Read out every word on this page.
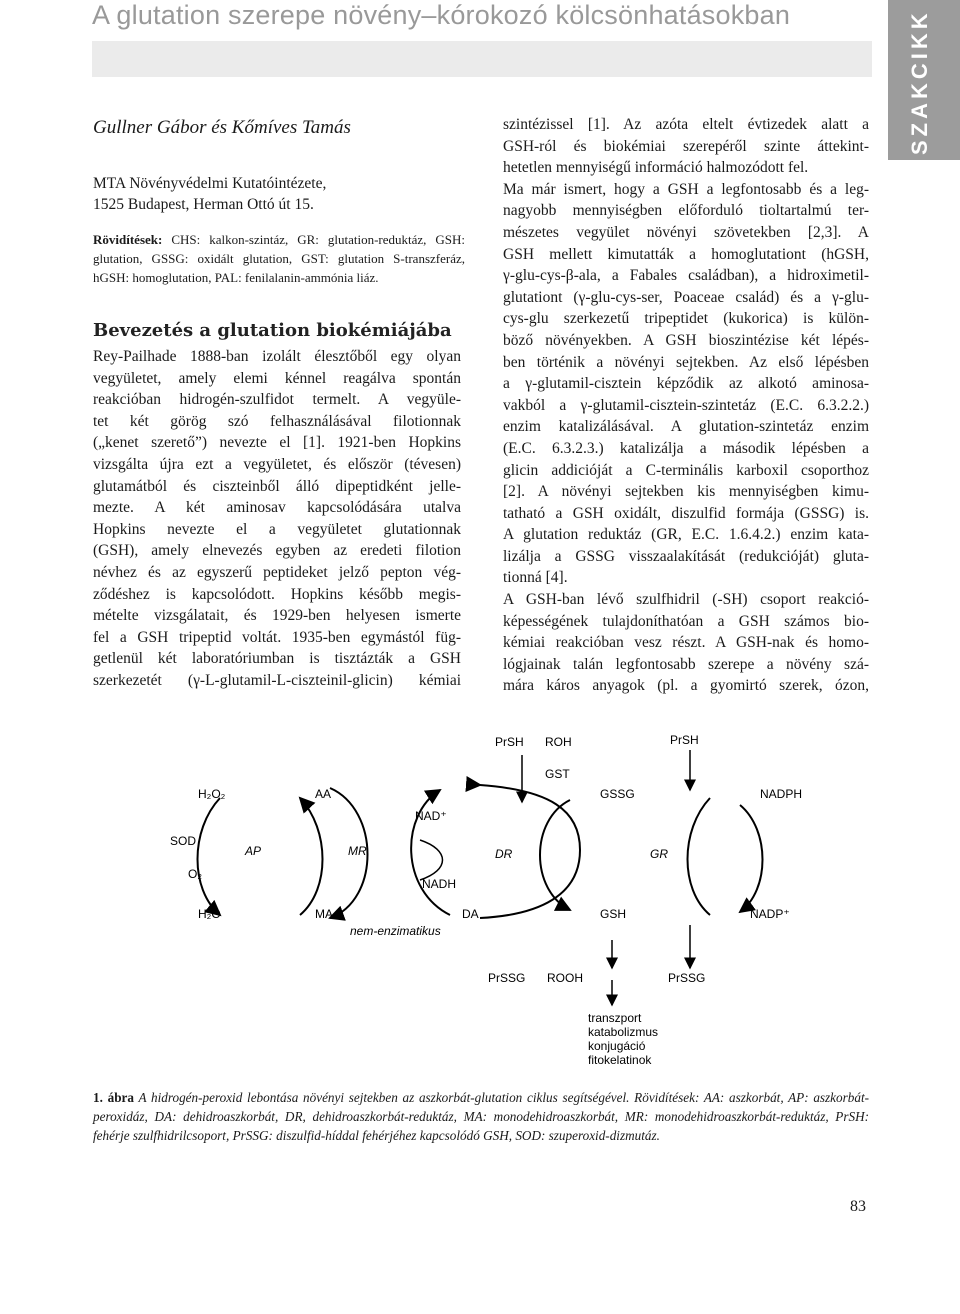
A glutation szerepe növény–kórokozó kölcsönhatásokban	SZAKCIKK
Gullner Gábor és Kőmíves Tamás
MTA Növényvédelmi Kutatóintézete,
1525 Budapest, Herman Ottó út 15.
Rövidítések: CHS: kalkon-szintáz, GR: glutation-reduktáz, GSH: glutation, GSSG: oxidált glutation, GST: glutation S-transzferáz, hGSH: homoglutation, PAL: fenilalanin-ammónia liáz.
Bevezetés a glutation biokémiájába
Rey-Pailhade 1888-ban izolált élesztőből egy olyan
vegyületet, amely elemi kénnel reagálva spontán
reakcióban hidrogén-szulfidot termelt. A vegyüle-
tet két görög szó felhasználásával filotionnak
(„kenet szerető”) nevezte el [1]. 1921-ben Hopkins
vizsgálta újra ezt a vegyületet, és először (tévesen)
glutamátból és ciszteinből álló dipeptidként jelle-
mezte. A két aminosav kapcsolódására utalva
Hopkins nevezte el a vegyületet glutationnak
(GSH), amely elnevezés egyben az eredeti filotion
névhez és az egyszerű peptideket jelző pepton vég-
ződéshez is kapcsolódott. Hopkins később megis-
mételte vizsgálatait, és 1929-ben helyesen ismerte
fel a GSH tripeptid voltát. 1935-ben egymástól füg-
getlenül két laboratóriumban is tisztázták a GSH
szerkezetét (γ-L-glutamil-L-ciszteinil-glicin) kémiai
szintézissel [1]. Az azóta eltelt évtizedek alatt a
GSH-ról és biokémiai szerepéről szinte áttekint-
hetetlen mennyiségű információ halmozódott fel.
Ma már ismert, hogy a GSH a legfontosabb és a leg-
nagyobb mennyiségben előforduló tioltartalmú ter-
mészetes vegyület növényi szövetekben [2,3]. A
GSH mellett kimutatták a homoglutationt (hGSH,
γ-glu-cys-β-ala, a Fabales családban), a hidroximetil-
glutationt (γ-glu-cys-ser, Poaceae család) és a γ-glu-
cys-glu szerkezetű tripeptidet (kukorica) is külön-
böző növényekben. A GSH bioszintézise két lépés-
ben történik a növényi sejtekben. Az első lépésben
a γ-glutamil-cisztein képződik az alkotó aminosa-
vakból a γ-glutamil-cisztein-szintetáz (E.C. 6.3.2.2.)
enzim katalizálásával. A glutation-szintetáz enzim
(E.C. 6.3.2.3.) katalizálja a második lépésben a
glicin addicióját a C-terminális karboxil csoporthoz
[2]. A növényi sejtekben kis mennyiségben kimu-
tatható a GSH oxidált, diszulfid formája (GSSG) is.
A glutation reduktáz (GR, E.C. 1.6.4.2.) enzim kata-
lizálja a GSSG visszaalakítását (redukcióját) gluta-
tionná [4].
A GSH-ban lévő szulfhidril (-SH) csoport reakció-
képességének tulajdoníthatóan a GSH számos bio-
kémiai reakcióban vesz részt. A GSH-nak és homo-
lógjainak talán legfontosabb szerepe a növény szá-
mára káros anyagok (pl. a gyomirtó szerek, ózon,
H₂O₂
SOD
O₂
H₂O
AA
AP
MA
MR
NAD⁺
NADH
DA
nem-enzimatikus
DR
PrSH ROH
GST
PrSH
GSSG
GR
GSH
NADPH
NADP⁺
PrSSG ROOH	PrSSG
transzport
katabolizmus
konjugáció
fitokelatinok
1. ábra A hidrogén-peroxid lebontása növényi sejtekben az aszkorbát-glutation ciklus segítségével. Rövidítések: AA: aszkorbát, AP: aszkorbát-peroxidáz, DA: dehidroaszkorbát, DR, dehidroaszkorbát-reduktáz, MA: monodehidroaszkorbát, MR: monodehidroaszkorbát-reduktáz, PrSH: fehérje szulfhidrilcsoport, PrSSG: diszulfid-híddal fehérjéhez kapcsolódó GSH, SOD: szuperoxid-dizmutáz.
83
